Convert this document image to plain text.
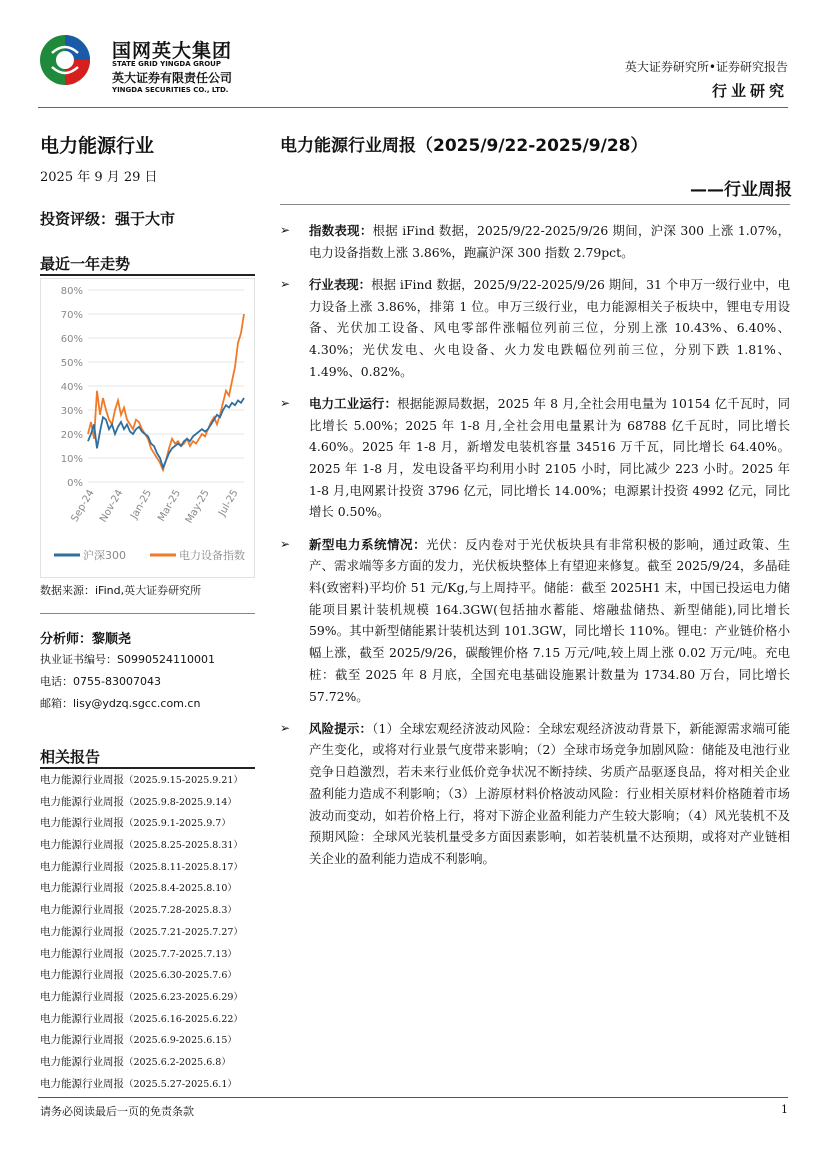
国网英大集团
STATE GRID YINGDA GROUP
英大证券有限责任公司
YINGDA SECURITIES CO., LTD.
英大证券研究所•证券研究报告
行业研究
电力能源行业
2025 年 9 月 29 日
投资评级：强于大市
最近一年走势
0%
10%
20%
30%
40%
50%
60%
70%
80%
Sep-24 Nov-24 Jan-25 Mar-25 May-25 Jul-25
沪深300	电力设备指数
数据来源：iFind,英大证券研究所
分析师：黎顺尧
执业证书编号：S0990524110001
电话：0755-83007043
邮箱：lisy@ydzq.sgcc.com.cn
相关报告
电力能源行业周报（2025.9.15-2025.9.21）
电力能源行业周报（2025.9.8-2025.9.14）
电力能源行业周报（2025.9.1-2025.9.7）
电力能源行业周报（2025.8.25-2025.8.31）
电力能源行业周报（2025.8.11-2025.8.17）
电力能源行业周报（2025.8.4-2025.8.10）
电力能源行业周报（2025.7.28-2025.8.3）
电力能源行业周报（2025.7.21-2025.7.27）
电力能源行业周报（2025.7.7-2025.7.13）
电力能源行业周报（2025.6.30-2025.7.6）
电力能源行业周报（2025.6.23-2025.6.29）
电力能源行业周报（2025.6.16-2025.6.22）
电力能源行业周报（2025.6.9-2025.6.15）
电力能源行业周报（2025.6.2-2025.6.8）
电力能源行业周报（2025.5.27-2025.6.1）
电力能源行业周报（2025/9/22-2025/9/28）
——行业周报
➢ 指数表现：根据 iFind 数据，2025/9/22-2025/9/26 期间，沪深 300 上涨 1.07%，电力设备指数上涨 3.86%，跑赢沪深 300 指数 2.79pct。
➢ 行业表现：根据 iFind 数据，2025/9/22-2025/9/26 期间，31 个申万一级行业中，电力设备上涨 3.86%，排第 1 位。申万三级行业，电力能源相关子板块中，锂电专用设备、光伏加工设备、风电零部件涨幅位列前三位，分别上涨 10.43%、6.40%、4.30%；光伏发电、火电设备、火力发电跌幅位列前三位，分别下跌 1.81%、1.49%、0.82%。
➢ 电力工业运行：根据能源局数据，2025 年 8 月,全社会用电量为 10154 亿千瓦时，同比增长 5.00%；2025 年 1-8 月,全社会用电量累计为 68788 亿千瓦时，同比增长 4.60%。2025 年 1-8 月，新增发电装机容量 34516 万千瓦，同比增长 64.40%。2025 年 1-8 月，发电设备平均利用小时 2105 小时，同比减少 223 小时。2025 年 1-8 月,电网累计投资 3796 亿元，同比增长 14.00%；电源累计投资 4992 亿元，同比增长 0.50%。
➢ 新型电力系统情况：光伏：反内卷对于光伏板块具有非常积极的影响，通过政策、生产、需求端等多方面的发力，光伏板块整体上有望迎来修复。截至 2025/9/24，多晶硅料(致密料)平均价 51 元/Kg,与上周持平。储能：截至 2025H1 末，中国已投运电力储能项目累计装机规模 164.3GW(包括抽水蓄能、熔融盐储热、新型储能),同比增长 59%。其中新型储能累计装机达到 101.3GW，同比增长 110%。锂电：产业链价格小幅上涨，截至 2025/9/26，碳酸锂价格 7.15 万元/吨,较上周上涨 0.02 万元/吨。充电桩：截至 2025 年 8 月底，全国充电基础设施累计数量为 1734.80 万台，同比增长 57.72%。
➢ 风险提示：（1）全球宏观经济波动风险：全球宏观经济波动背景下，新能源需求端可能产生变化，或将对行业景气度带来影响；（2）全球市场竞争加剧风险：储能及电池行业竞争日趋激烈，若未来行业低价竞争状况不断持续、劣质产品驱逐良品，将对相关企业盈利能力造成不利影响；（3）上游原材料价格波动风险：行业相关原材料价格随着市场波动而变动，如若价格上行，将对下游企业盈利能力产生较大影响；（4）风光装机不及预期风险：全球风光装机量受多方面因素影响，如若装机量不达预期，或将对产业链相关企业的盈利能力造成不利影响。
请务必阅读最后一页的免责条款	1
